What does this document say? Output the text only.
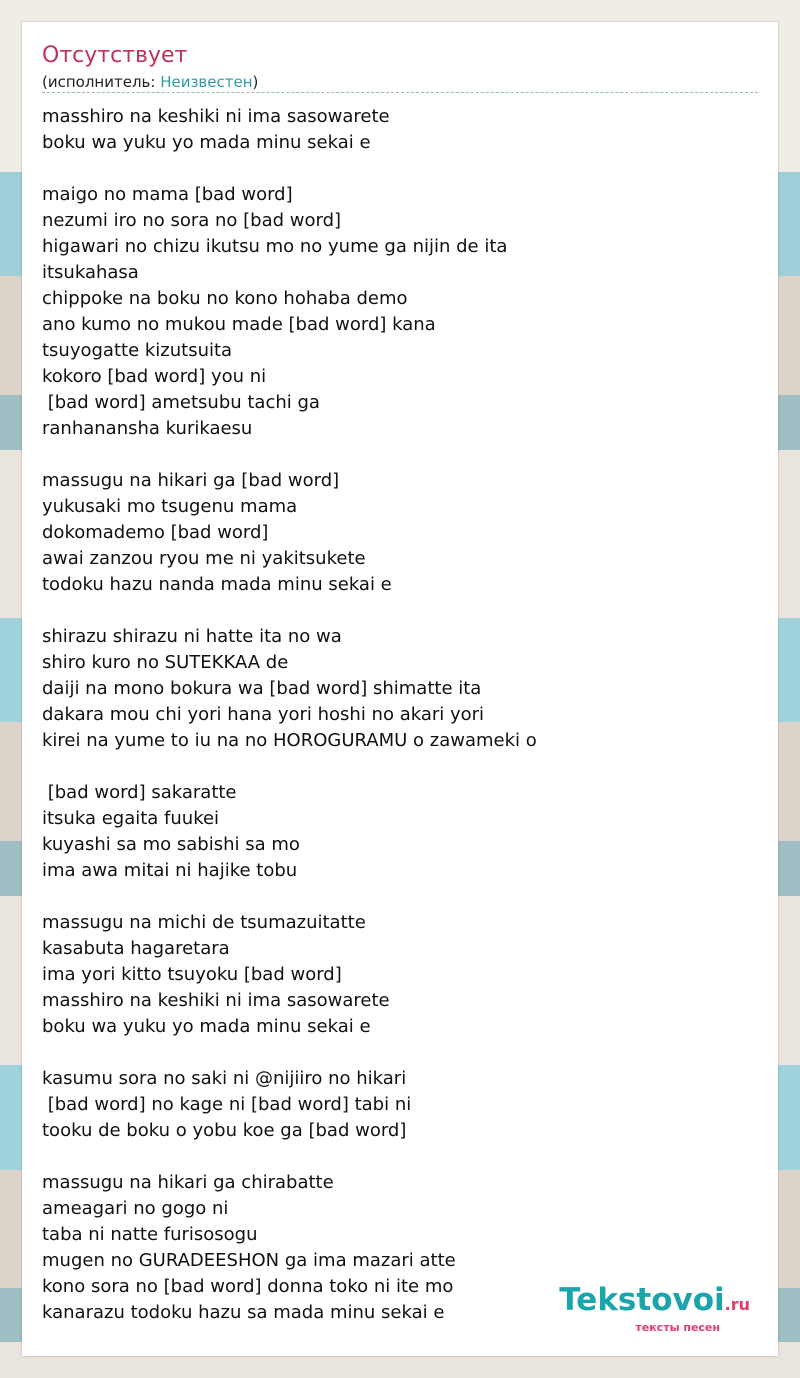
Отсутствует
(исполнитель: Неизвестен)
masshiro na keshiki ni ima sasowarete
boku wa yuku yo mada minu sekai e
maigo no mama [bad word]
nezumi iro no sora no [bad word]
higawari no chizu ikutsu mo no yume ga nijin de ita
itsukahasa
chippoke na boku no kono hohaba demo
ano kumo no mukou made [bad word] kana
tsuyogatte kizutsuita
kokoro [bad word] you ni
[bad word] ametsubu tachi ga
ranhanansha kurikaesu
massugu na hikari ga [bad word]
yukusaki mo tsugenu mama
dokomademo [bad word]
awai zanzou ryou me ni yakitsukete
todoku hazu nanda mada minu sekai e
shirazu shirazu ni hatte ita no wa
shiro kuro no SUTEKKAA de
daiji na mono bokura wa [bad word] shimatte ita
dakara mou chi yori hana yori hoshi no akari yori
kirei na yume to iu na no HOROGURAMU o zawameki o
[bad word] sakaratte
itsuka egaita fuukei
kuyashi sa mo sabishi sa mo
ima awa mitai ni hajike tobu
massugu na michi de tsumazuitatte
kasabuta hagaretara
ima yori kitto tsuyoku [bad word]
masshiro na keshiki ni ima sasowarete
boku wa yuku yo mada minu sekai e
kasumu sora no saki ni @nijiiro no hikari
[bad word] no kage ni [bad word] tabi ni
tooku de boku o yobu koe ga [bad word]
massugu na hikari ga chirabatte
ameagari no gogo ni
taba ni natte furisosogu
mugen no GURADEESHON ga ima mazari atte
kono sora no [bad word] donna toko ni ite mo
kanarazu todoku hazu sa mada minu sekai e	Tekstovoi.ru
тексты песен
